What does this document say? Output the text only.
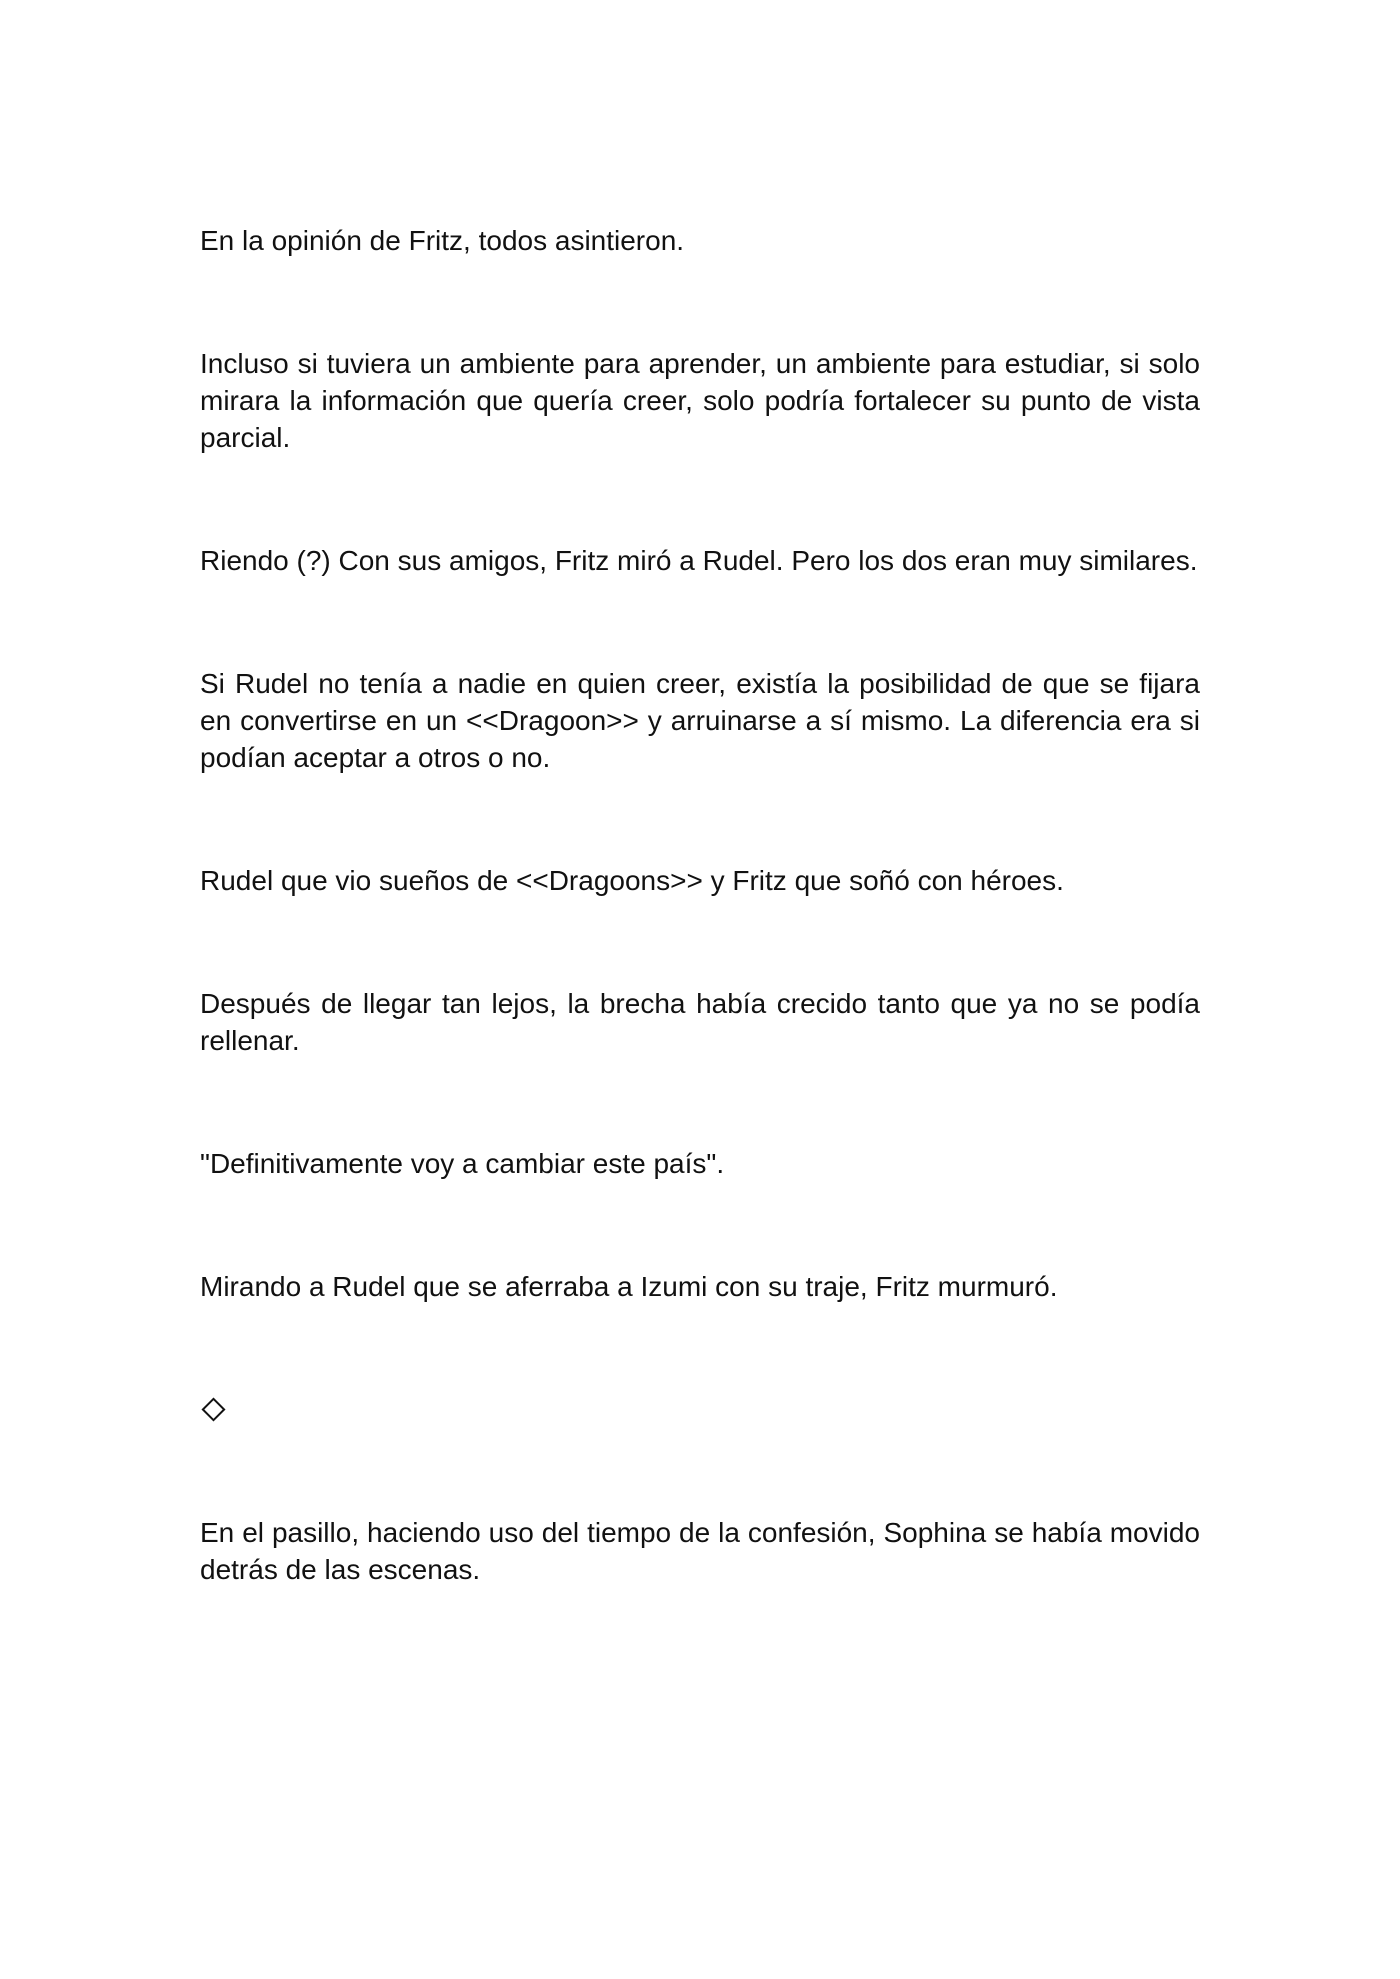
En la opinión de Fritz, todos asintieron.

Incluso si tuviera un ambiente para aprender, un ambiente para estudiar, si solo mirara la información que quería creer, solo podría fortalecer su punto de vista parcial.

Riendo (?) Con sus amigos, Fritz miró a Rudel. Pero los dos eran muy similares.

Si Rudel no tenía a nadie en quien creer, existía la posibilidad de que se fijara en convertirse en un <<Dragoon>> y arruinarse a sí mismo. La diferencia era si podían aceptar a otros o no.

Rudel que vio sueños de <<Dragoons>> y Fritz que soñó con héroes.

Después de llegar tan lejos, la brecha había crecido tanto que ya no se podía rellenar.

"Definitivamente voy a cambiar este país".

Mirando a Rudel que se aferraba a Izumi con su traje, Fritz murmuró.

En el pasillo, haciendo uso del tiempo de la confesión, Sophina se había movido detrás de las escenas.
